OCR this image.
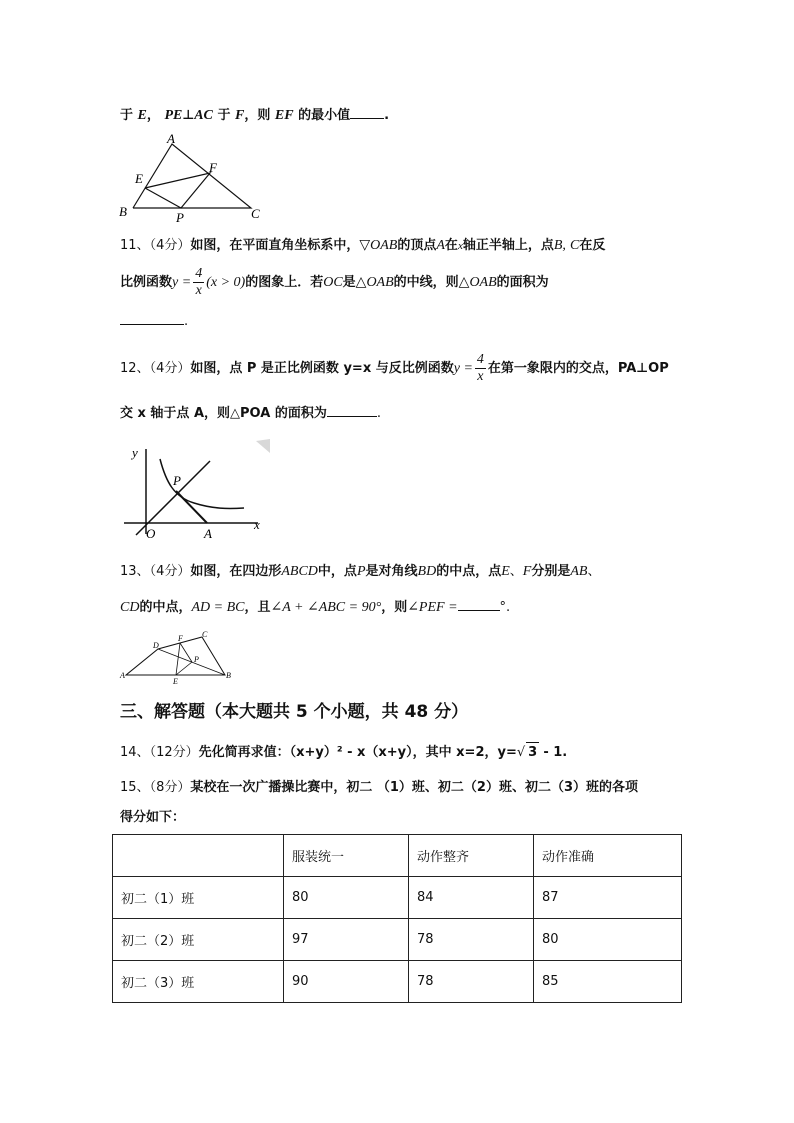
于 E， PE⊥AC 于 F，则 EF 的最小值	.
A
B	C
E
F
P
11、（4分）如图，在平面直角坐标系中，▽OAB的顶点A在x轴正半轴上，点B, C在反
比例函数$y = \frac{4}{x} (x > 0)$的图象上．若OC是△OAB的中线，则△OAB的面积为
.
12、（4分）如图，点 P 是正比例函数 y=x 与反比例函数$y = \frac{4}{x}$ 在第一象限内的交点，PA⊥OP
交 x 轴于点 A，则△POA 的面积为	.
y
x
O
P
A
13、（4分）如图，在四边形ABCD中，点P是对角线BD的中点，点E、F分别是AB、
CD的中点，AD = BC，且∠A + ∠ABC = 90°，则∠PEF =	°.
A	B
C
D
E
F
P
三、解答题（本大题共 5 个小题，共 48 分）
14、（12分）先化简再求值：（x+y）² - x（x+y），其中 x=2，y=√ 3 - 1.
15、（8分）某校在一次广播操比赛中，初二 （1）班、初二（2）班、初二（3）班的各项
得分如下：
	服装统一	动作整齐	动作准确
初二（1）班	80	84	87
初二（2）班	97	78	80
初二（3）班	90	78	85
